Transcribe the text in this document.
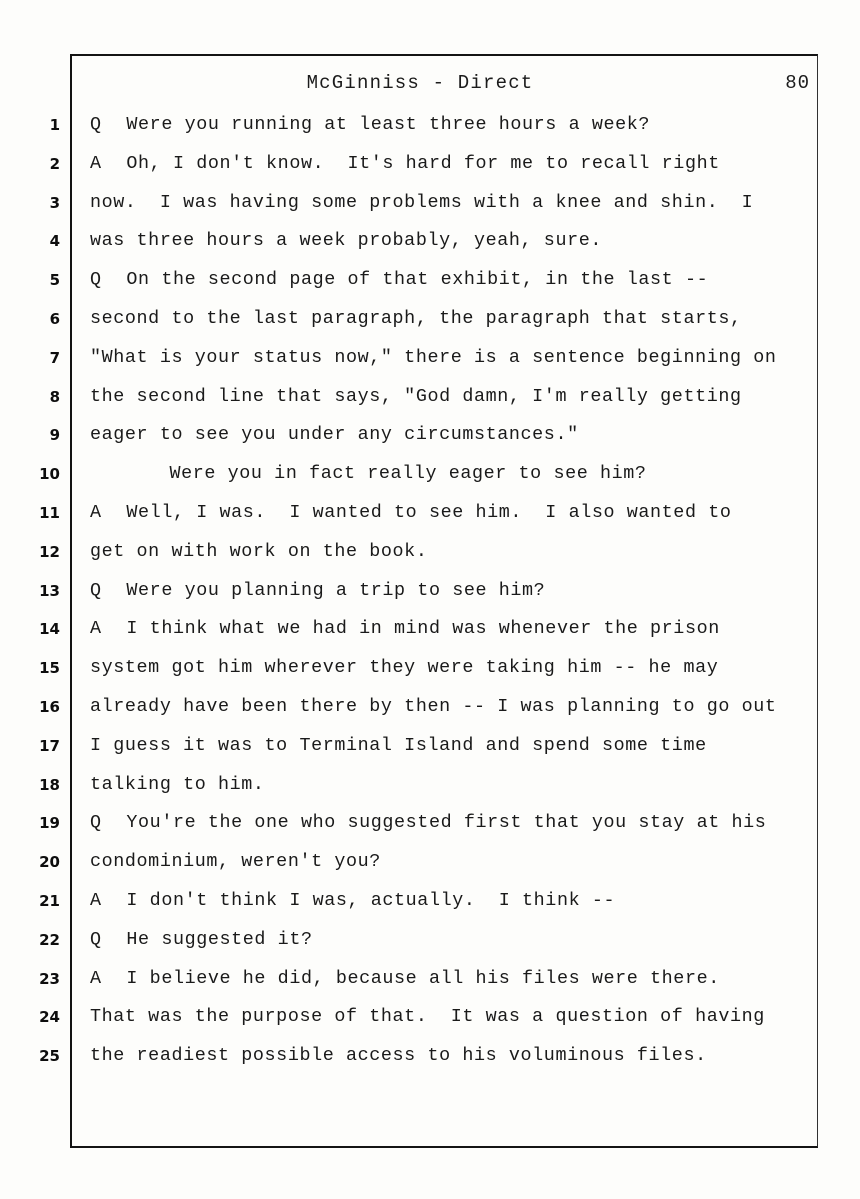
McGinniss - Direct	80
1 Q Were you running at least three hours a week?
2 A Oh, I don't know.  It's hard for me to recall right
3 now.  I was having some problems with a knee and shin.  I
4 was three hours a week probably, yeah, sure.
5 Q On the second page of that exhibit, in the last --
6 second to the last paragraph, the paragraph that starts,
7 "What is your status now," there is a sentence beginning on
8 the second line that says, "God damn, I'm really getting
9 eager to see you under any circumstances."
10	Were you in fact really eager to see him?
11 A Well, I was.  I wanted to see him.  I also wanted to
12 get on with work on the book.
13 Q Were you planning a trip to see him?
14 A I think what we had in mind was whenever the prison
15 system got him wherever they were taking him -- he may
16 already have been there by then -- I was planning to go out
17 I guess it was to Terminal Island and spend some time
18 talking to him.
19 Q You're the one who suggested first that you stay at his
20 condominium, weren't you?
21 A I don't think I was, actually.  I think --
22 Q He suggested it?
23 A I believe he did, because all his files were there.
24 That was the purpose of that.  It was a question of having
25 the readiest possible access to his voluminous files.
